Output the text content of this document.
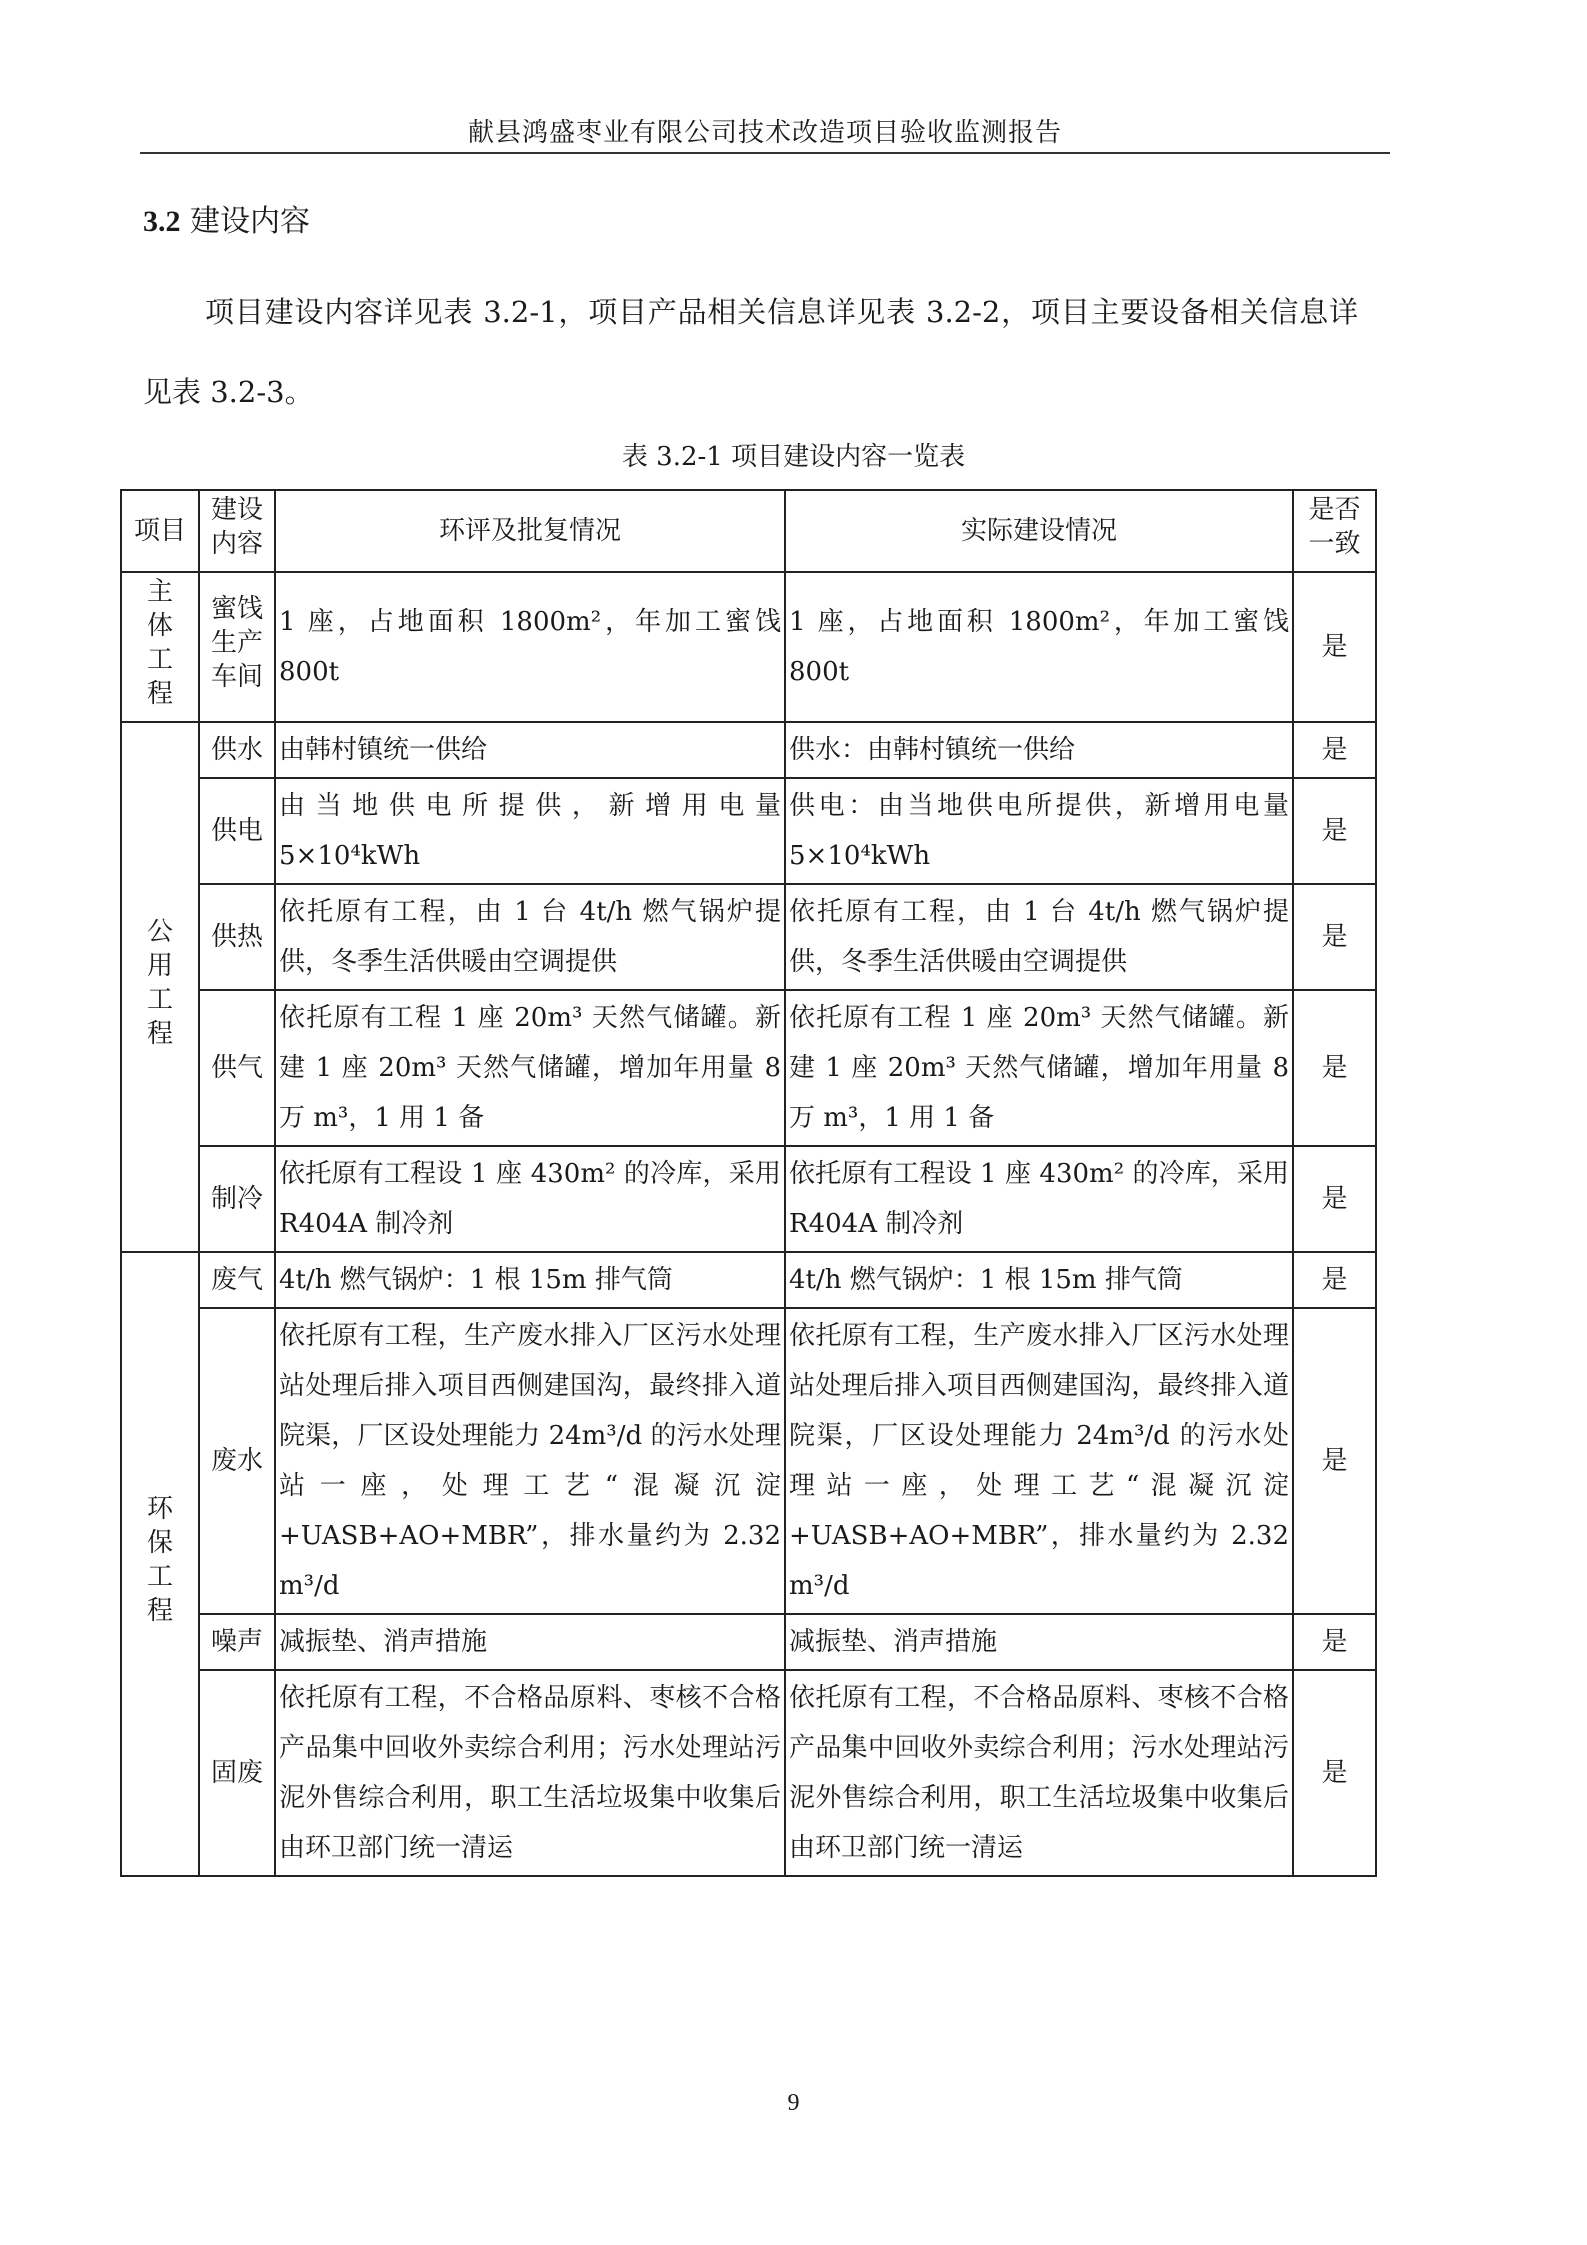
献县鸿盛枣业有限公司技术改造项目验收监测报告
3.2 建设内容
项目建设内容详见表 3.2-1，项目产品相关信息详见表 3.2-2，项目主要设备相关信息详见表 3.2-3。
表 3.2-1 项目建设内容一览表
项目	建设内容	环评及批复情况	实际建设情况	是否一致
主体工程	蜜饯生产车间	1 座，占地面积 1800m²，年加工蜜饯 800t	1 座，占地面积 1800m²，年加工蜜饯 800t	是
公用工程	供水	由韩村镇统一供给	供水：由韩村镇统一供给	是
	供电	由当地供电所提供，新增用电量 5×10⁴kWh	供电：由当地供电所提供，新增用电量 5×10⁴kWh	是
	供热	依托原有工程，由 1 台 4t/h 燃气锅炉提供，冬季生活供暖由空调提供	依托原有工程，由 1 台 4t/h 燃气锅炉提供，冬季生活供暖由空调提供	是
	供气	依托原有工程 1 座 20m³ 天然气储罐。新建 1 座 20m³ 天然气储罐，增加年用量 8 万 m³，1 用 1 备	依托原有工程 1 座 20m³ 天然气储罐。新建 1 座 20m³ 天然气储罐，增加年用量 8 万 m³，1 用 1 备	是
	制冷	依托原有工程设 1 座 430m² 的冷库，采用 R404A 制冷剂	依托原有工程设 1 座 430m² 的冷库，采用 R404A 制冷剂	是
环保工程	废气	4t/h 燃气锅炉：1 根 15m 排气筒	4t/h 燃气锅炉：1 根 15m 排气筒	是
	废水	依托原有工程，生产废水排入厂区污水处理站处理后排入项目西侧建国沟，最终排入道院渠，厂区设处理能力 24m³/d 的污水处理站一座，处理工艺“混凝沉淀+UASB+AO+MBR”，排水量约为 2.32 m³/d	依托原有工程，生产废水排入厂区污水处理站处理后排入项目西侧建国沟，最终排入道院渠，厂区设处理能力 24m³/d 的污水处理站一座，处理工艺“混凝沉淀+UASB+AO+MBR”，排水量约为 2.32 m³/d	是
	噪声	减振垫、消声措施	减振垫、消声措施	是
	固废	依托原有工程，不合格品原料、枣核不合格产品集中回收外卖综合利用；污水处理站污泥外售综合利用，职工生活垃圾集中收集后由环卫部门统一清运	依托原有工程，不合格品原料、枣核不合格产品集中回收外卖综合利用；污水处理站污泥外售综合利用，职工生活垃圾集中收集后由环卫部门统一清运	是
9
